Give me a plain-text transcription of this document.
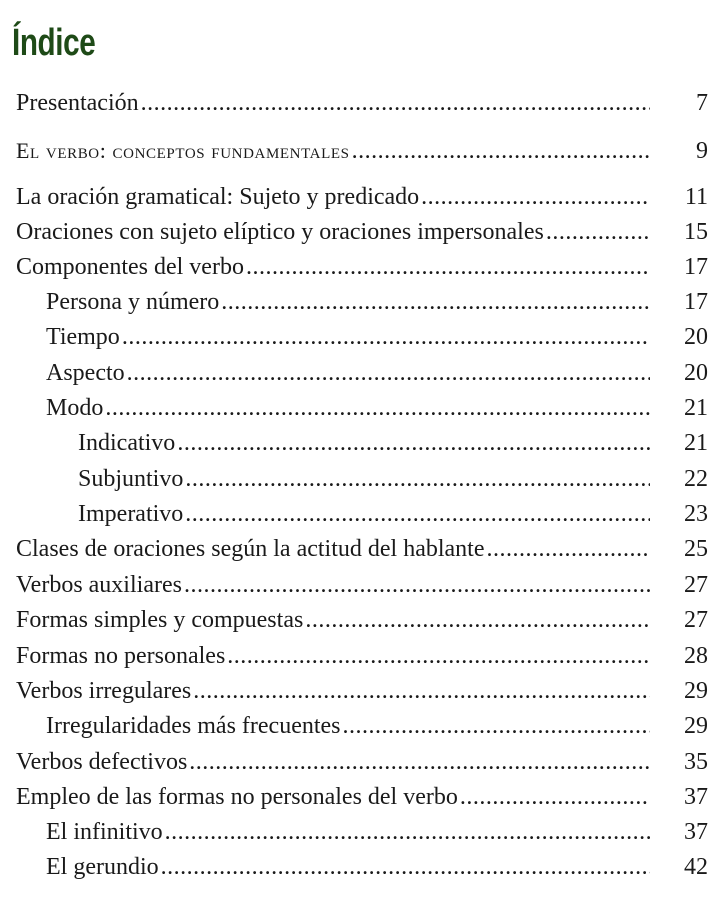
Índice
Presentación .....	7
El verbo: conceptos fundamentales .....	9
La oración gramatical: Sujeto y predicado .....	11
Oraciones con sujeto elíptico y oraciones impersonales .....	15
Componentes del verbo .....	17
Persona y número .....	17
Tiempo .....	20
Aspecto .....	20
Modo .....	21
Indicativo .....	21
Subjuntivo .....	22
Imperativo .....	23
Clases de oraciones según la actitud del hablante .....	25
Verbos auxiliares .....	27
Formas simples y compuestas .....	27
Formas no personales .....	28
Verbos irregulares .....	29
Irregularidades más frecuentes .....	29
Verbos defectivos .....	35
Empleo de las formas no personales del verbo .....	37
El infinitivo .....	37
El gerundio .....	42
